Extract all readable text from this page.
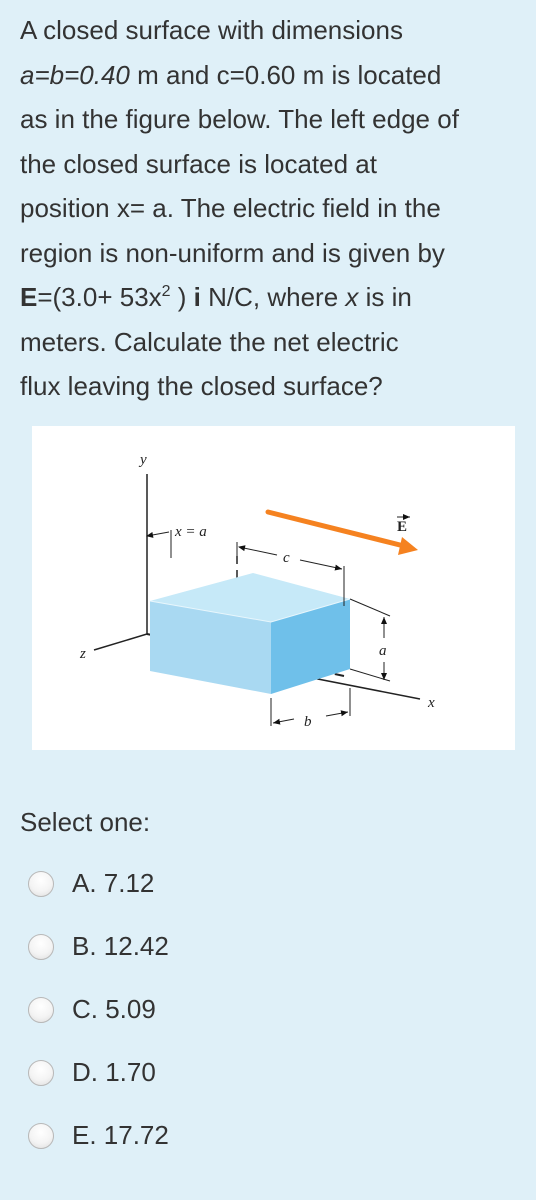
A closed surface with dimensions
a=b=0.40 m and c=0.60 m is located
as in the figure below. The left edge of
the closed surface is located at
position x= a. The electric field in the
region is non-uniform and is given by
$E=(3.0+ 53x^2$ ) i N/C, where x is in
meters. Calculate the net electric
flux leaving the closed surface?
y
z
x
x = a
c
a
b
E
Select one:
A. 7.12
B. 12.42
C. 5.09
D. 1.70
E. 17.72
